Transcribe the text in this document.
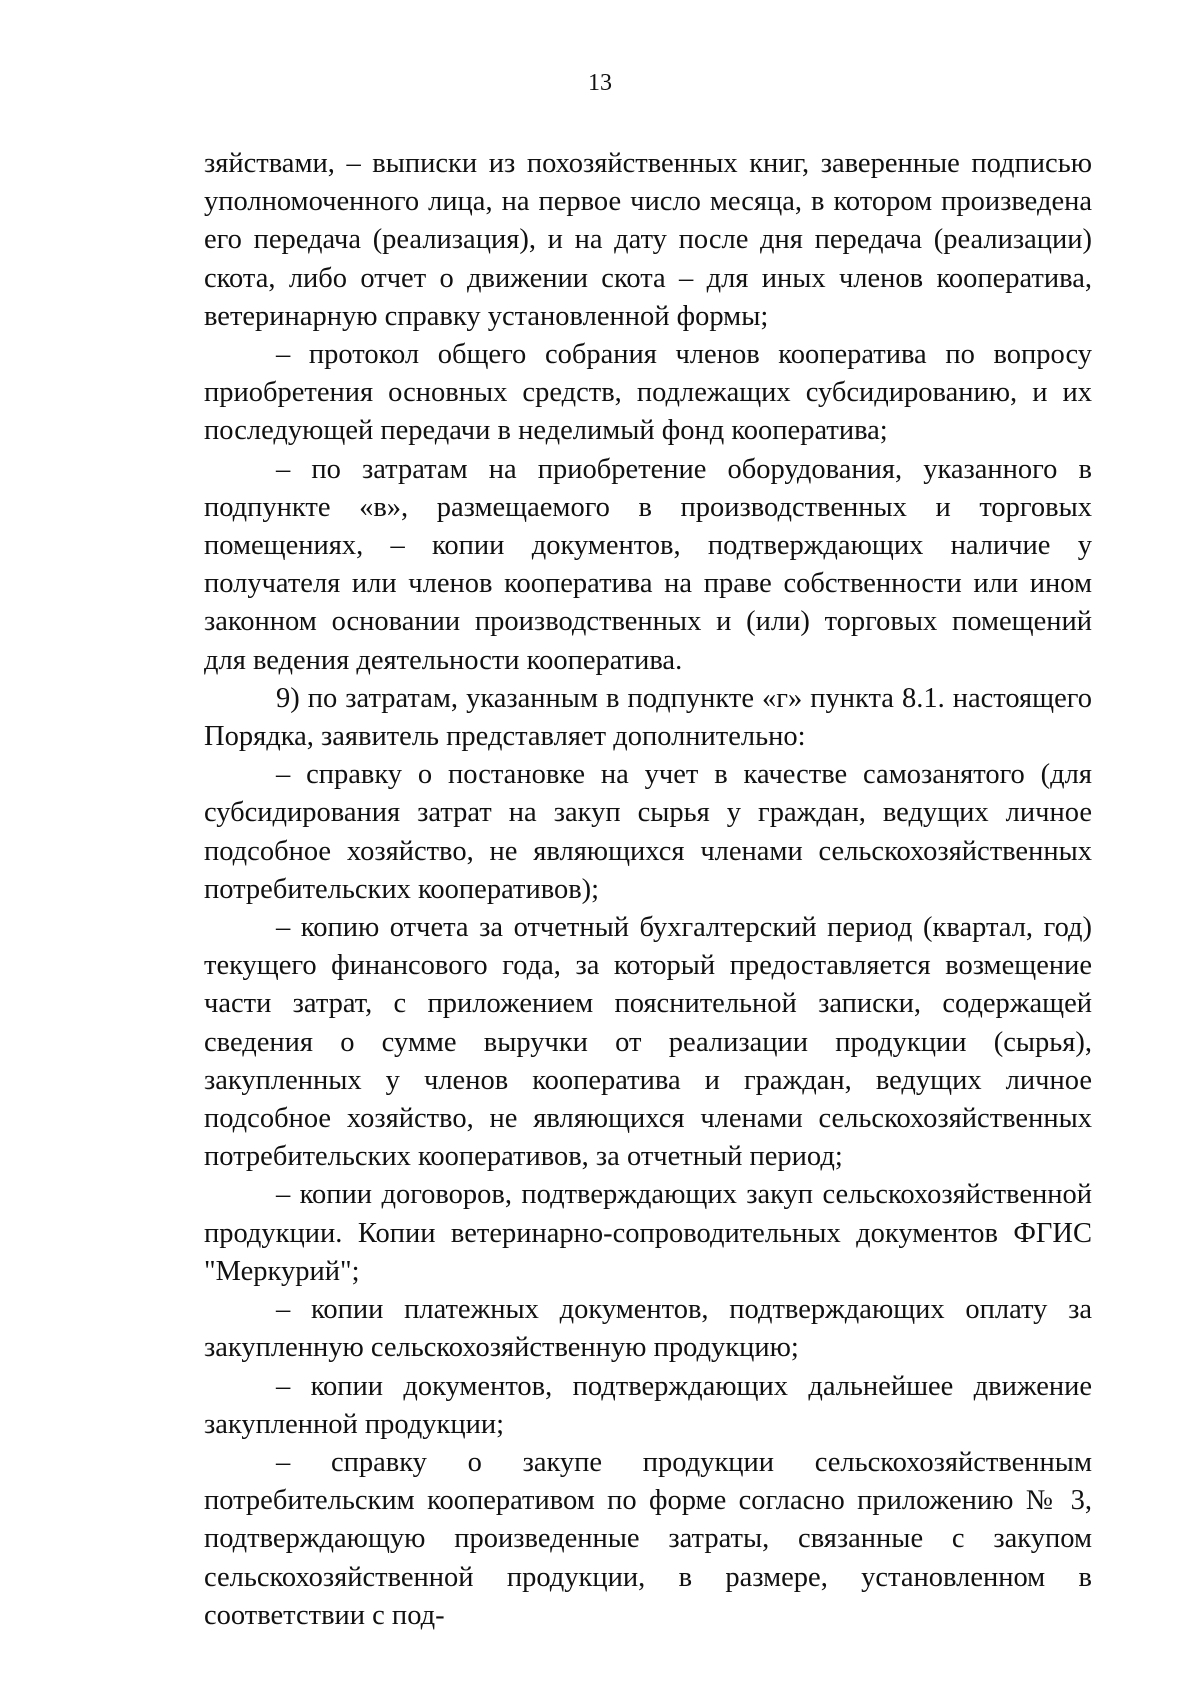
13

зяйствами, – выписки из похозяйственных книг, заверенные подписью уполномоченного лица, на первое число месяца, в котором произведена его передача (реализация), и на дату после дня передача (реализации) скота, либо отчет о движении скота – для иных членов кооператива, ветеринарную справку установленной формы;

– протокол общего собрания членов кооператива по вопросу приобретения основных средств, подлежащих субсидированию, и их последующей передачи в неделимый фонд кооператива;

– по затратам на приобретение оборудования, указанного в подпункте «в», размещаемого в производственных и торговых помещениях, – копии документов, подтверждающих наличие у получателя или членов кооператива на праве собственности или ином законном основании производственных и (или) торговых помещений для ведения деятельности кооператива.

9) по затратам, указанным в подпункте «г» пункта 8.1. настоящего Порядка, заявитель представляет дополнительно:

– справку о постановке на учет в качестве самозанятого (для субсидирования затрат на закуп сырья у граждан, ведущих личное подсобное хозяйство, не являющихся членами сельскохозяйственных потребительских кооперативов);

– копию отчета за отчетный бухгалтерский период (квартал, год) текущего финансового года, за который предоставляется возмещение части затрат, с приложением пояснительной записки, содержащей сведения о сумме выручки от реализации продукции (сырья), закупленных у членов кооператива и граждан, ведущих личное подсобное хозяйство, не являющихся членами сельскохозяйственных потребительских кооперативов, за отчетный период;

– копии договоров, подтверждающих закуп сельскохозяйственной продукции. Копии ветеринарно-сопроводительных документов ФГИС "Меркурий";

– копии платежных документов, подтверждающих оплату за закупленную сельскохозяйственную продукцию;

– копии документов, подтверждающих дальнейшее движение закупленной продукции;

– справку о закупе продукции сельскохозяйственным потребительским кооперативом по форме согласно приложению № 3, подтверждающую произведенные затраты, связанные с закупом сельскохозяйственной продукции, в размере, установленном в соответствии с под-
